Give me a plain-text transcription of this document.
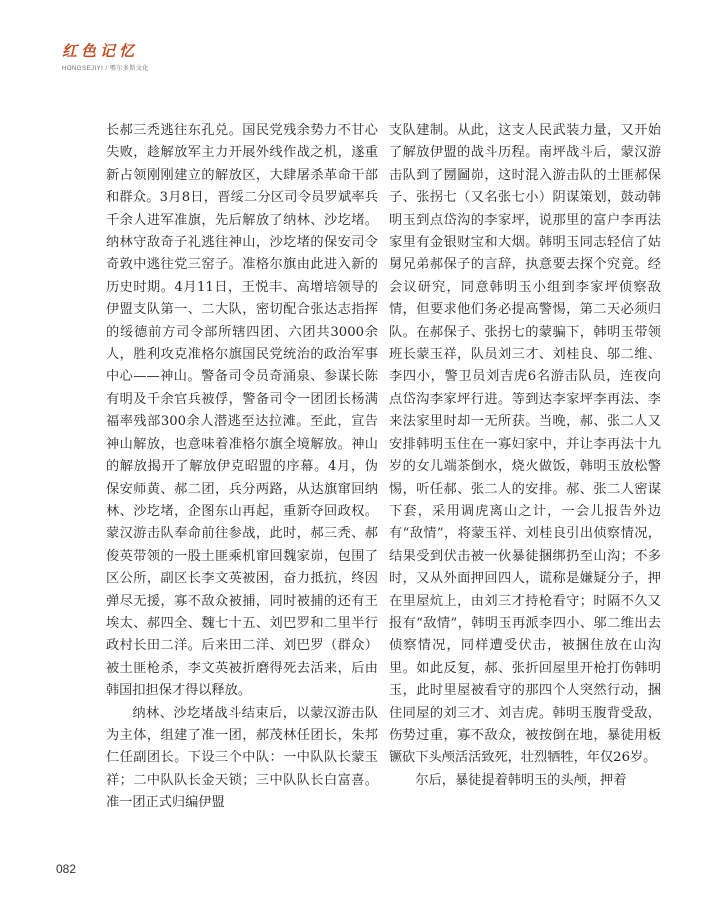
红色记忆
HONGSEJIYI / 鄂尔多斯文化

长郝三秃逃往东孔兑。国民党残余势力不甘心失败，趁解放军主力开展外线作战之机，遂重新占领刚刚建立的解放区，大肆屠杀革命干部和群众。3月8日，晋绥二分区司令员罗斌率兵千余人进军准旗，先后解放了纳林、沙圪堵。纳林守敌奇子礼逃往神山，沙圪堵的保安司令奇敦中逃往党三窑子。准格尔旗由此进入新的历史时期。4月11日，王悦丰、高增培领导的伊盟支队第一、二大队，密切配合张达志指挥的绥德前方司令部所辖四团、六团共3000余人，胜利攻克准格尔旗国民党统治的政治军事中心——神山。警备司令员奇涌泉、参谋长陈有明及千余官兵被俘，警备司令一团团长杨满福率残部300余人潜逃至达拉滩。至此，宣告神山解放，也意味着准格尔旗全境解放。神山的解放揭开了解放伊克昭盟的序幕。4月，伪保安师黄、郝二团，兵分两路，从达旗窜回纳林、沙圪堵，企图东山再起，重新夺回政权。蒙汉游击队奉命前往参战，此时，郝三秃、郝俊英带领的一股土匪乘机窜回魏家峁，包围了区公所，副区长李文英被困，奋力抵抗，终因弹尽无援，寡不敌众被捕，同时被捕的还有王埃太、郝四全、魏七十五、刘巴罗和二里半行政村长田二洋。后来田二洋、刘巴罗（群众）被土匪枪杀，李文英被折磨得死去活来，后由韩国扣担保才得以释放。

纳林、沙圪堵战斗结束后，以蒙汉游击队为主体，组建了准一团，郝茂林任团长，朱邦仁任副团长。下设三个中队：一中队队长蒙玉祥；二中队队长金天锁；三中队队长白富喜。准一团正式归编伊盟

支队建制。从此，这支人民武装力量，又开始了解放伊盟的战斗历程。南坪战斗后，蒙汉游击队到了圐圙峁，这时混入游击队的土匪郝保子、张拐七（又名张七小）阴谋策划，鼓动韩明玉到点岱沟的李家坪，说那里的富户李再法家里有金银财宝和大烟。韩明玉同志轻信了姑舅兄弟郝保子的言辞，执意要去探个究竟。经会议研究，同意韩明玉小组到李家坪侦察敌情，但要求他们务必提高警惕，第二天必须归队。在郝保子、张拐七的蒙骗下，韩明玉带领班长蒙玉祥，队员刘三才、刘桂良、邬二维、李四小，警卫员刘吉虎6名游击队员，连夜向点岱沟李家坪行进。等到达李家坪李再法、李来法家里时却一无所获。当晚，郝、张二人又安排韩明玉住在一寡妇家中，并让李再法十九岁的女儿端茶倒水，烧火做饭，韩明玉放松警惕，听任郝、张二人的安排。郝、张二人密谋下套，采用调虎离山之计，一会儿报告外边有“敌情”，将蒙玉祥、刘桂良引出侦察情况，结果受到伏击被一伙暴徒捆绑扔至山沟；不多时，又从外面押回四人，谎称是嫌疑分子，押在里屋炕上，由刘三才持枪看守；时隔不久又报有“敌情”，韩明玉再派李四小、邬二维出去侦察情况，同样遭受伏击，被捆住放在山沟里。如此反复，郝、张折回屋里开枪打伤韩明玉，此时里屋被看守的那四个人突然行动，捆住同屋的刘三才、刘吉虎。韩明玉腹背受敌，伤势过重，寡不敌众，被按倒在地，暴徒用板镢砍下头颅活活致死，壮烈牺牲，年仅26岁。

尔后，暴徒提着韩明玉的头颅，押着

082
